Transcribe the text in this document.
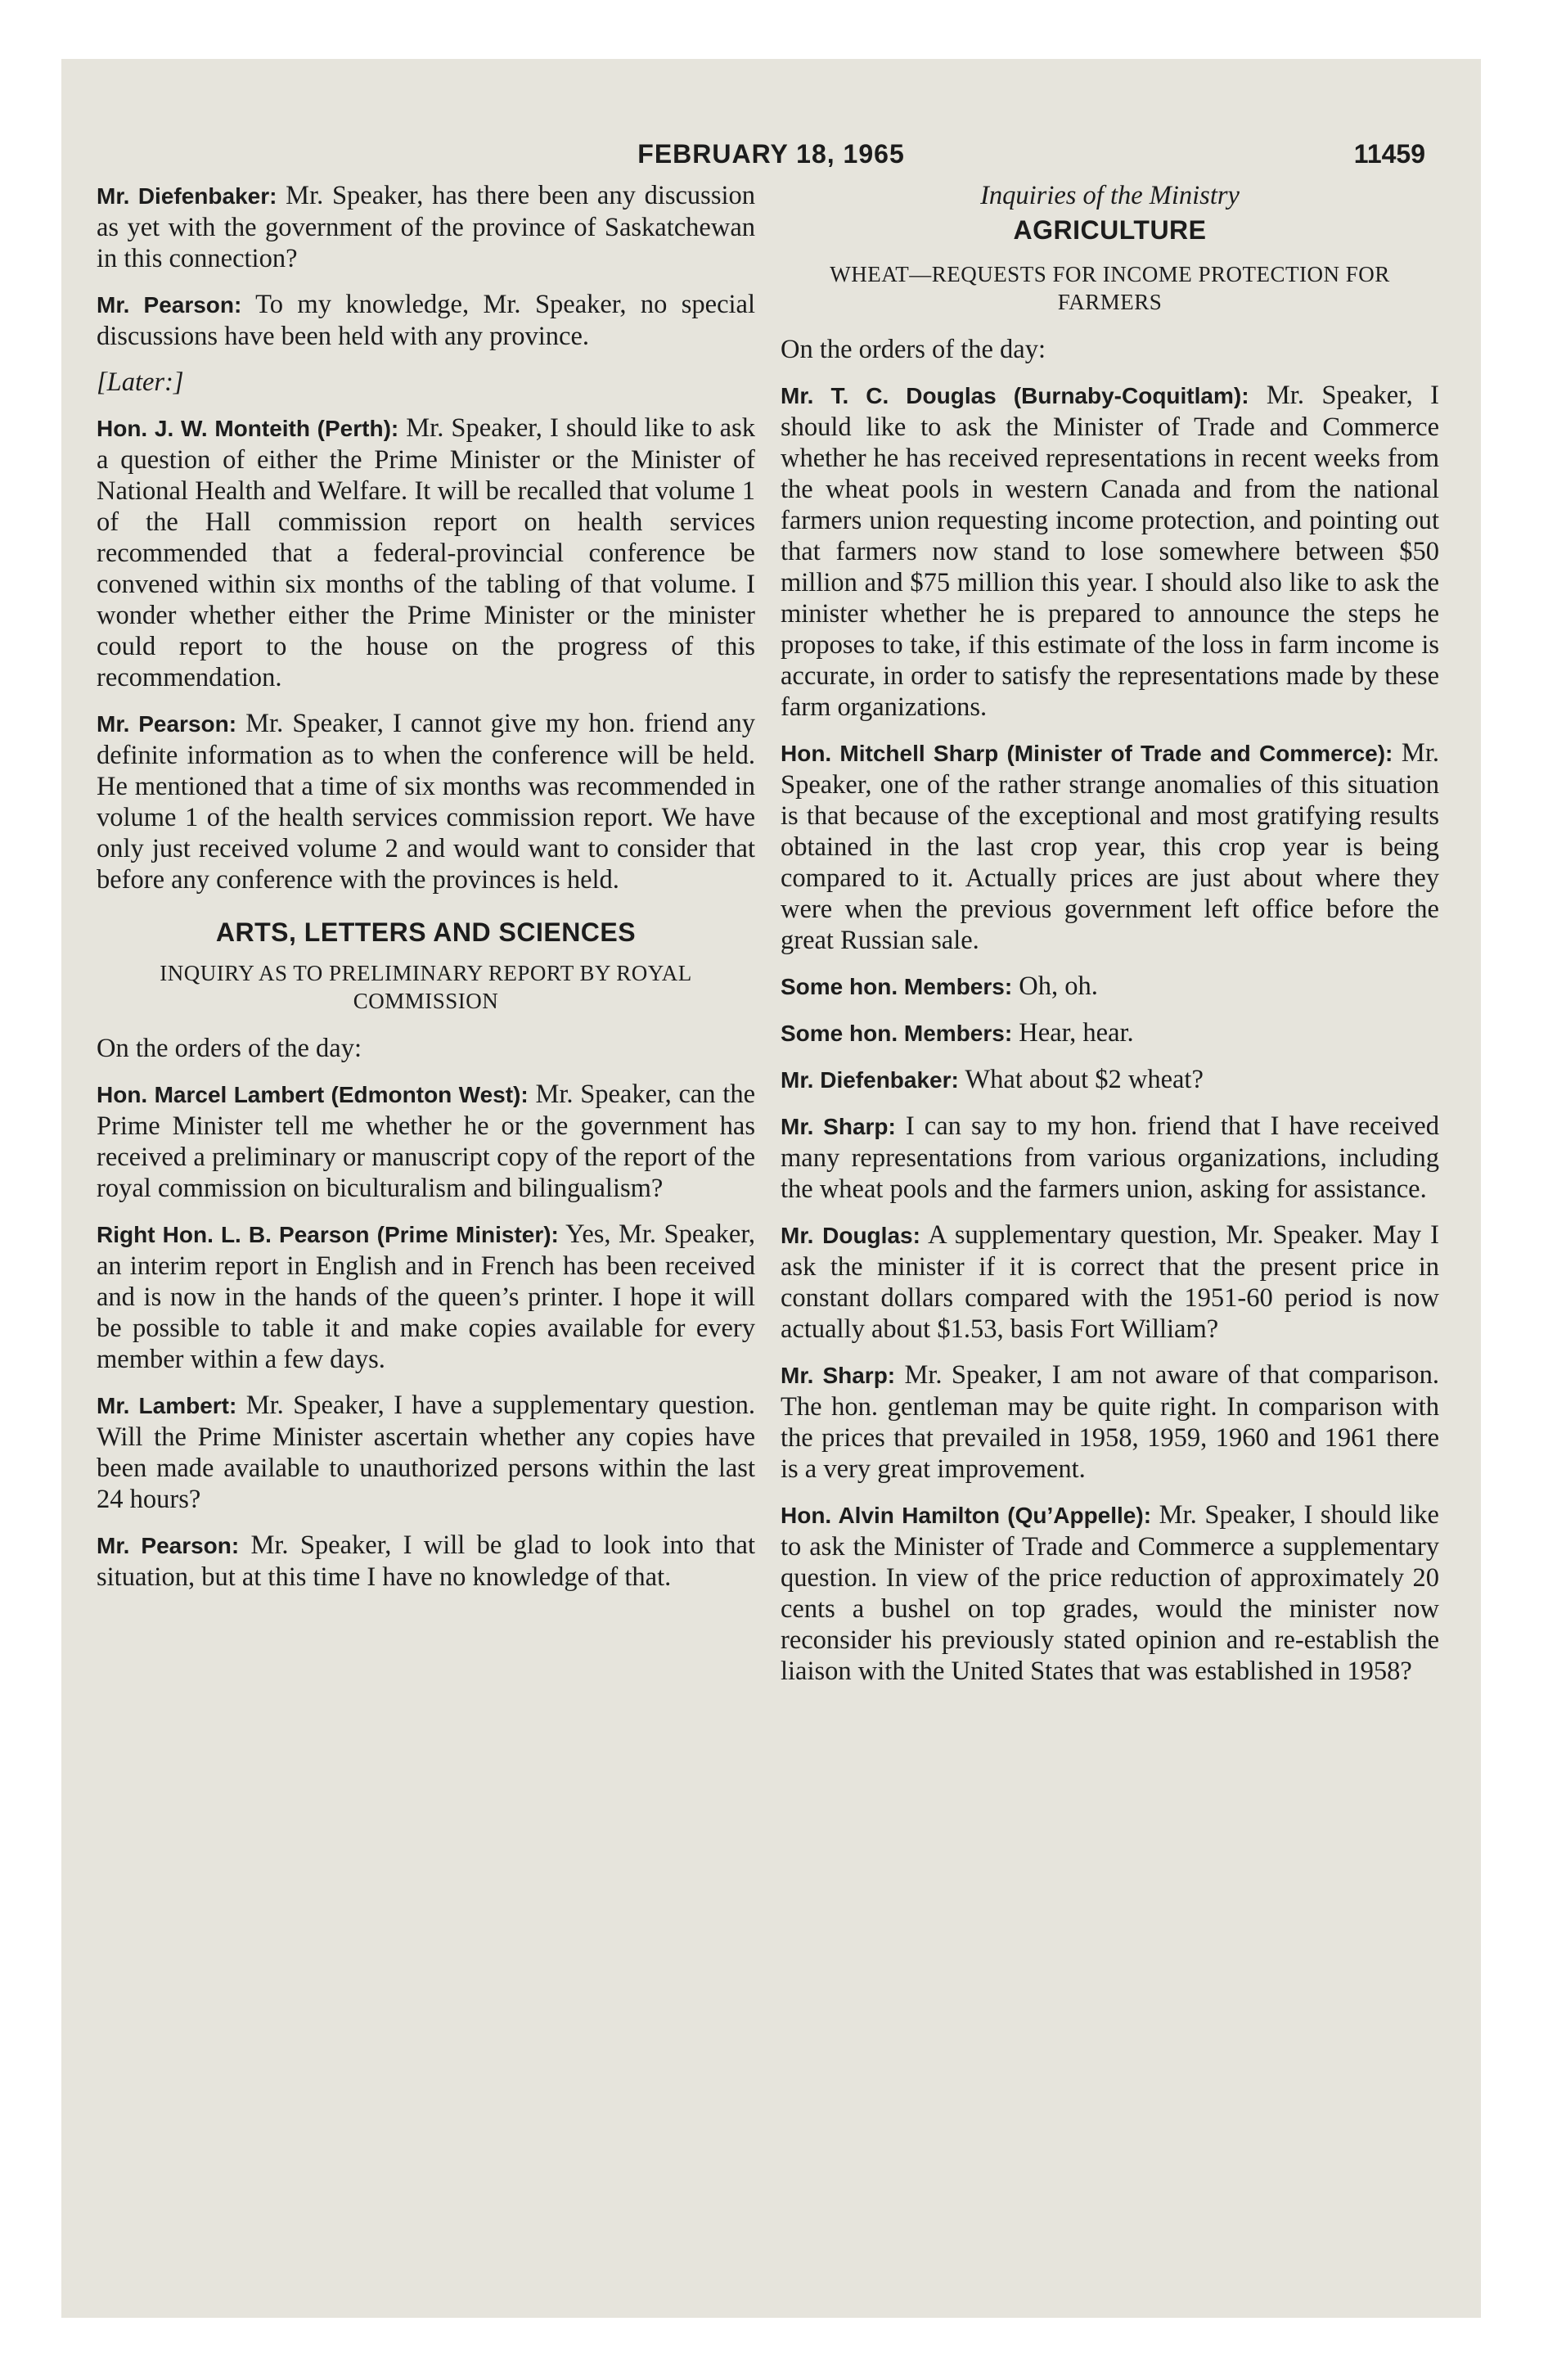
FEBRUARY 18, 1965	11459

Mr. Diefenbaker: Mr. Speaker, has there been any discussion as yet with the government of the province of Saskatchewan in this connection?

Mr. Pearson: To my knowledge, Mr. Speaker, no special discussions have been held with any province.

[Later:]

Hon. J. W. Monteith (Perth): Mr. Speaker, I should like to ask a question of either the Prime Minister or the Minister of National Health and Welfare. It will be recalled that volume 1 of the Hall commission report on health services recommended that a federal-provincial conference be convened within six months of the tabling of that volume. I wonder whether either the Prime Minister or the minister could report to the house on the progress of this recommendation.

Mr. Pearson: Mr. Speaker, I cannot give my hon. friend any definite information as to when the conference will be held. He mentioned that a time of six months was recommended in volume 1 of the health services commission report. We have only just received volume 2 and would want to consider that before any conference with the provinces is held.

ARTS, LETTERS AND SCIENCES
INQUIRY AS TO PRELIMINARY REPORT BY ROYAL COMMISSION

On the orders of the day:

Hon. Marcel Lambert (Edmonton West): Mr. Speaker, can the Prime Minister tell me whether he or the government has received a preliminary or manuscript copy of the report of the royal commission on biculturalism and bilingualism?

Right Hon. L. B. Pearson (Prime Minister): Yes, Mr. Speaker, an interim report in English and in French has been received and is now in the hands of the queen’s printer. I hope it will be possible to table it and make copies available for every member within a few days.

Mr. Lambert: Mr. Speaker, I have a supplementary question. Will the Prime Minister ascertain whether any copies have been made available to unauthorized persons within the last 24 hours?

Mr. Pearson: Mr. Speaker, I will be glad to look into that situation, but at this time I have no knowledge of that.

Inquiries of the Ministry
AGRICULTURE
WHEAT—REQUESTS FOR INCOME PROTECTION FOR FARMERS

On the orders of the day:

Mr. T. C. Douglas (Burnaby-Coquitlam): Mr. Speaker, I should like to ask the Minister of Trade and Commerce whether he has received representations in recent weeks from the wheat pools in western Canada and from the national farmers union requesting income protection, and pointing out that farmers now stand to lose somewhere between $50 million and $75 million this year. I should also like to ask the minister whether he is prepared to announce the steps he proposes to take, if this estimate of the loss in farm income is accurate, in order to satisfy the representations made by these farm organizations.

Hon. Mitchell Sharp (Minister of Trade and Commerce): Mr. Speaker, one of the rather strange anomalies of this situation is that because of the exceptional and most gratifying results obtained in the last crop year, this crop year is being compared to it. Actually prices are just about where they were when the previous government left office before the great Russian sale.

Some hon. Members: Oh, oh.

Some hon. Members: Hear, hear.

Mr. Diefenbaker: What about $2 wheat?

Mr. Sharp: I can say to my hon. friend that I have received many representations from various organizations, including the wheat pools and the farmers union, asking for assistance.

Mr. Douglas: A supplementary question, Mr. Speaker. May I ask the minister if it is correct that the present price in constant dollars compared with the 1951-60 period is now actually about $1.53, basis Fort William?

Mr. Sharp: Mr. Speaker, I am not aware of that comparison. The hon. gentleman may be quite right. In comparison with the prices that prevailed in 1958, 1959, 1960 and 1961 there is a very great improvement.

Hon. Alvin Hamilton (Qu’Appelle): Mr. Speaker, I should like to ask the Minister of Trade and Commerce a supplementary question. In view of the price reduction of approximately 20 cents a bushel on top grades, would the minister now reconsider his previously stated opinion and re-establish the liaison with the United States that was established in 1958?
